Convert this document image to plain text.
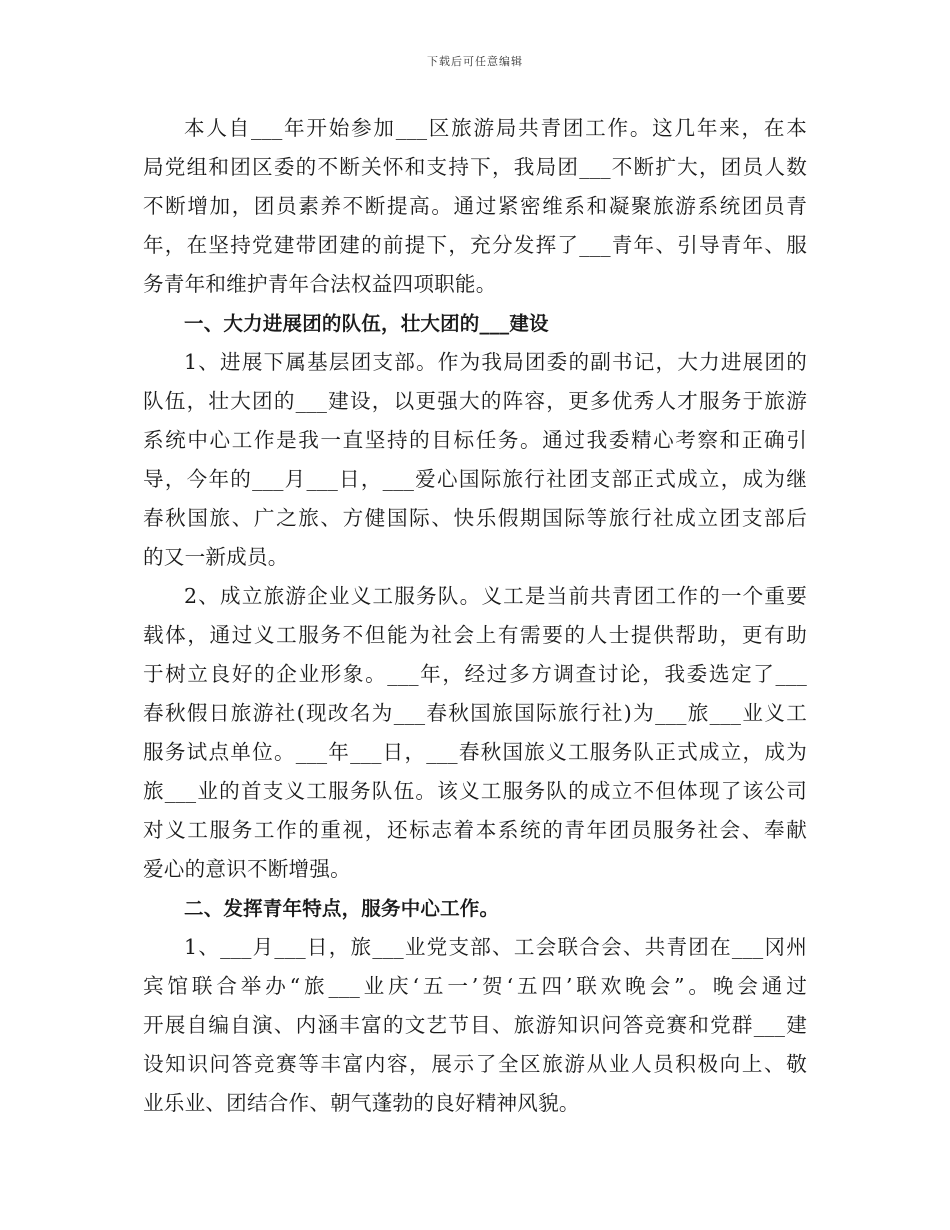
下载后可任意编辑
本人自___年开始参加___区旅游局共青团工作。这几年来，在本
局党组和团区委的不断关怀和支持下，我局团___不断扩大，团员人数
不断增加，团员素养不断提高。通过紧密维系和凝聚旅游系统团员青
年，在坚持党建带团建的前提下，充分发挥了___青年、引导青年、服
务青年和维护青年合法权益四项职能。
一、大力进展团的队伍，壮大团的___建设
1、进展下属基层团支部。作为我局团委的副书记，大力进展团的
队伍，壮大团的___建设，以更强大的阵容，更多优秀人才服务于旅游
系统中心工作是我一直坚持的目标任务。通过我委精心考察和正确引
导，今年的___月___日，___爱心国际旅行社团支部正式成立，成为继
春秋国旅、广之旅、方健国际、快乐假期国际等旅行社成立团支部后
的又一新成员。
2、成立旅游企业义工服务队。义工是当前共青团工作的一个重要
载体，通过义工服务不但能为社会上有需要的人士提供帮助，更有助
于树立良好的企业形象。___年，经过多方调查讨论，我委选定了___
春秋假日旅游社(现改名为___春秋国旅国际旅行社)为___旅___业义工
服务试点单位。___年___日，___春秋国旅义工服务队正式成立，成为
旅___业的首支义工服务队伍。该义工服务队的成立不但体现了该公司
对义工服务工作的重视，还标志着本系统的青年团员服务社会、奉献
爱心的意识不断增强。
二、发挥青年特点，服务中心工作。
1、___月___日，旅___业党支部、工会联合会、共青团在___冈州
宾馆联合举办“旅___业庆‘五一’贺‘五四’联欢晚会”。晚会通过
开展自编自演、内涵丰富的文艺节目、旅游知识问答竞赛和党群___建
设知识问答竞赛等丰富内容，展示了全区旅游从业人员积极向上、敬
业乐业、团结合作、朝气蓬勃的良好精神风貌。
